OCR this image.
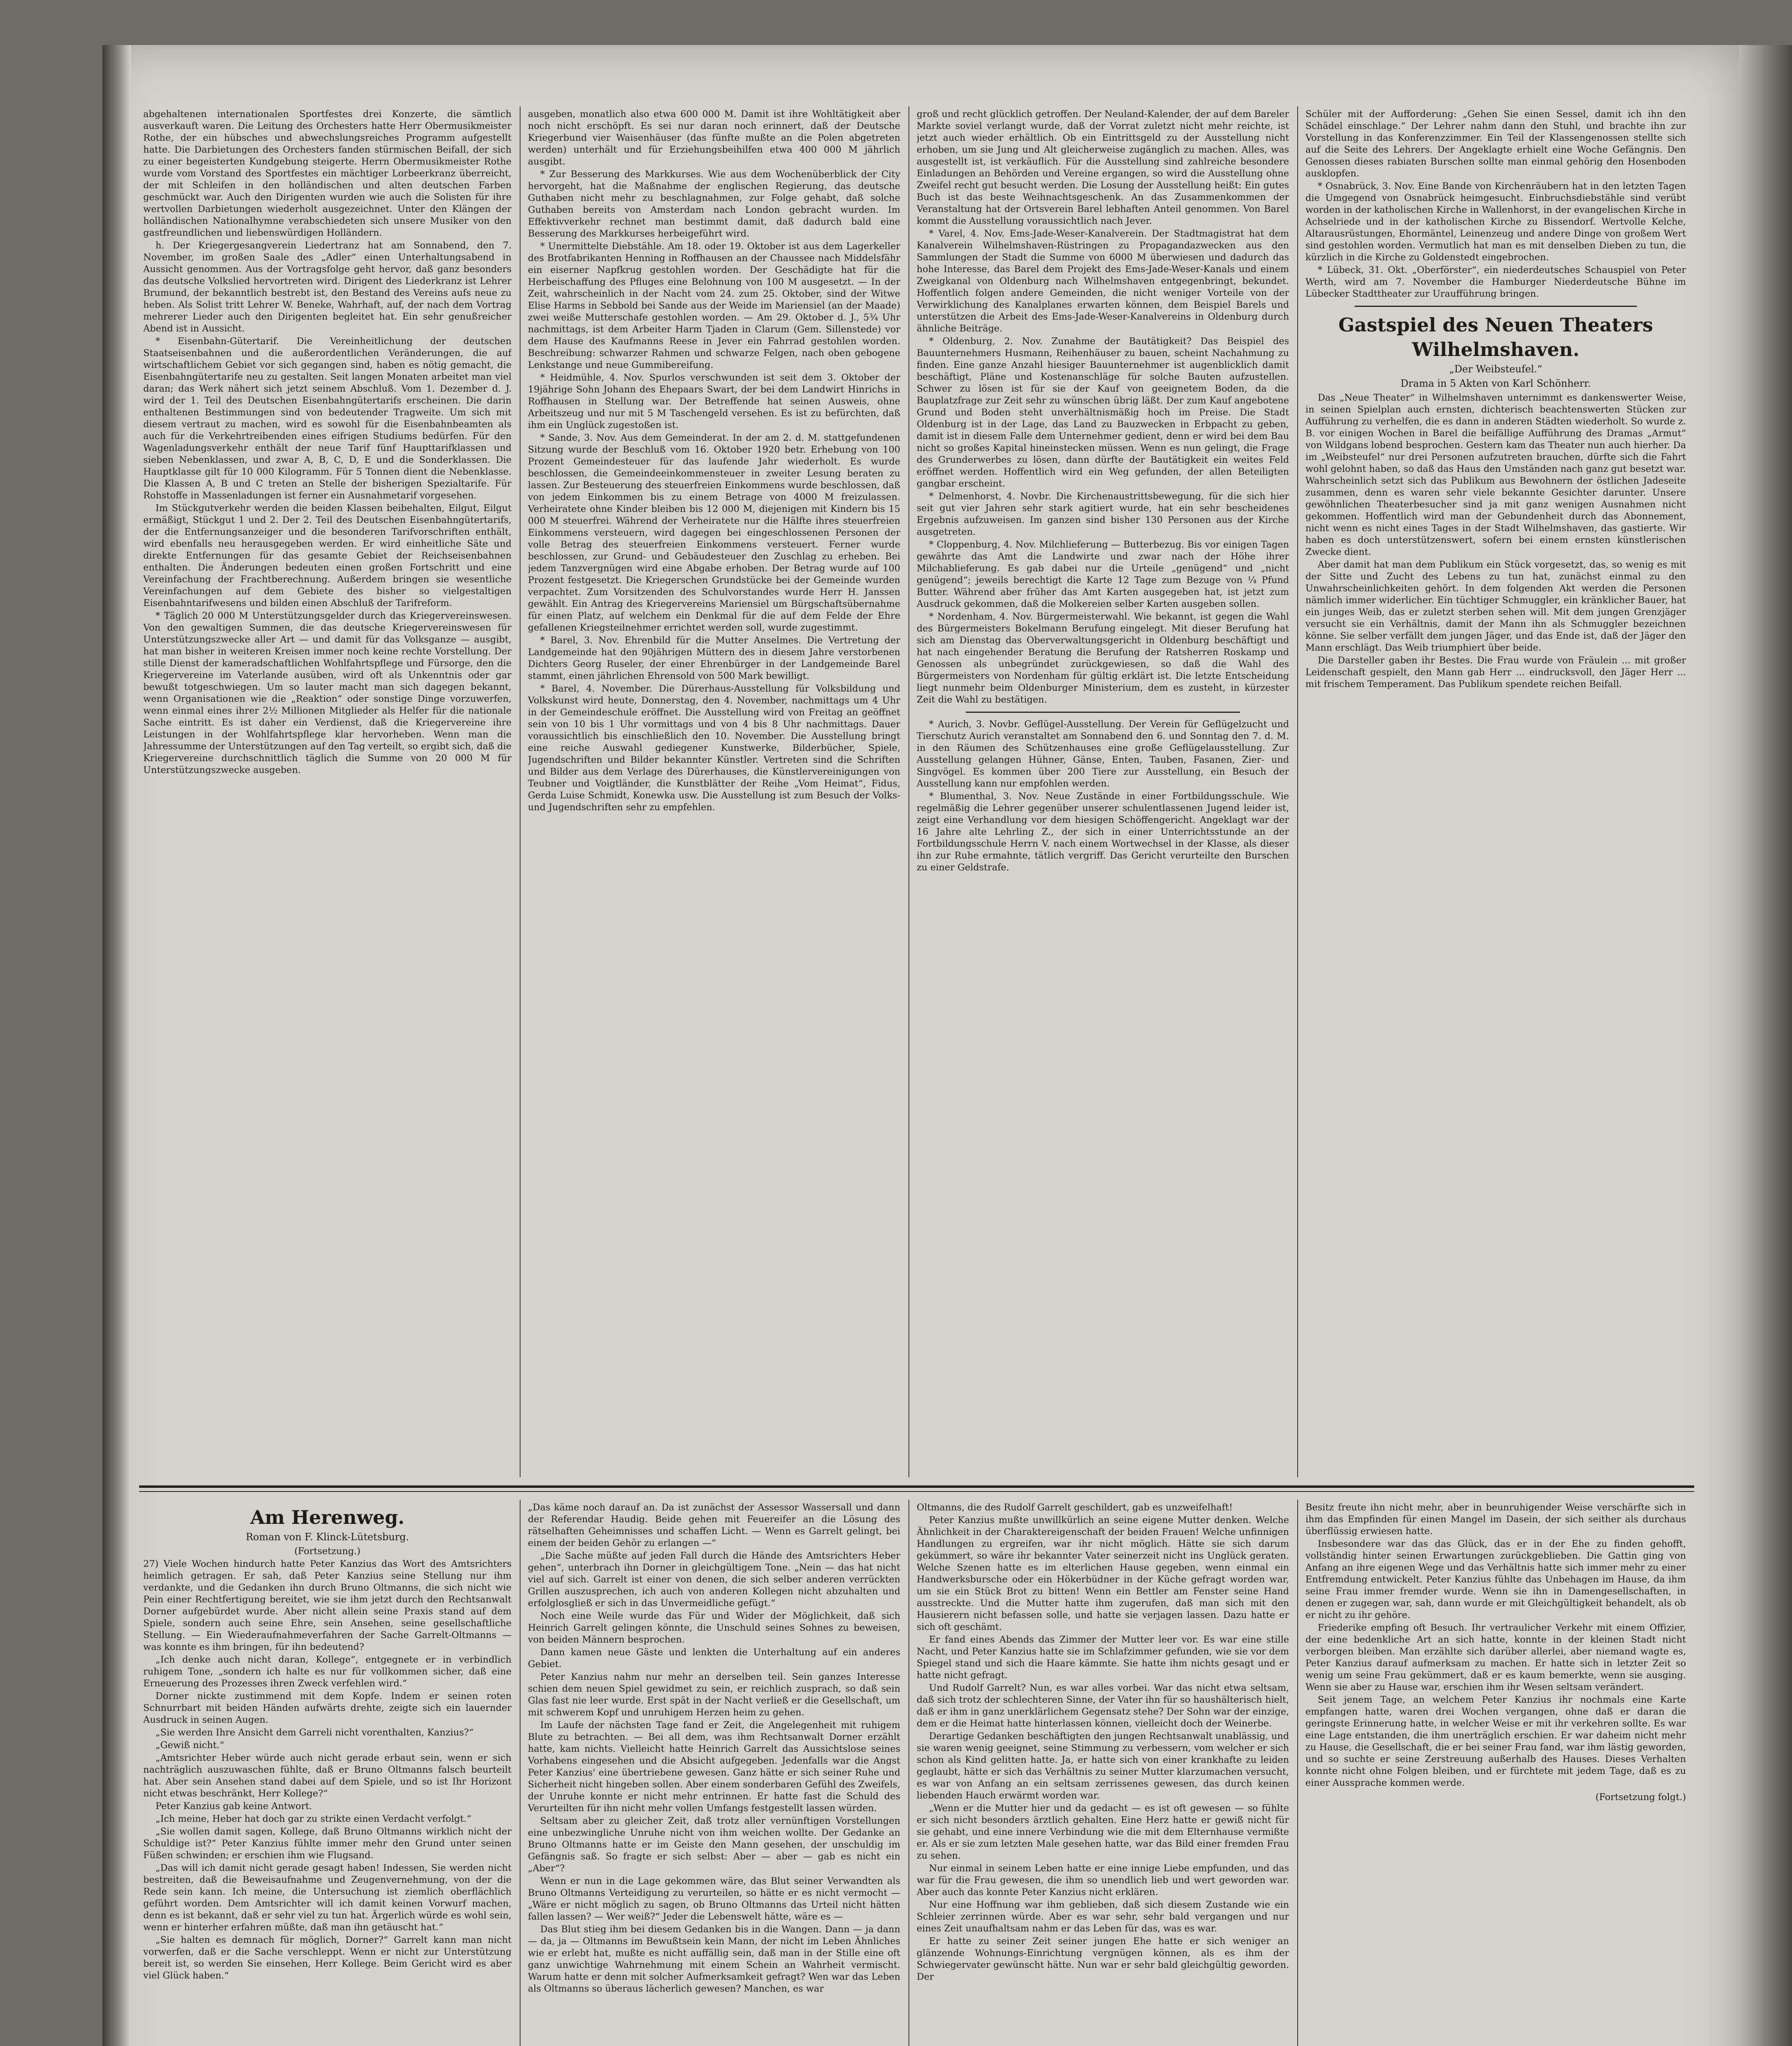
abgehaltenen internationalen Sportfestes drei Konzerte, die sämtlich ausverkauft waren. Die Leitung des Orchesters hatte Herr Obermusikmeister Rothe, der ein hübsches und abwechslungsreiches Programm aufgestellt hatte. Die Darbietungen des Orchesters fanden stürmischen Beifall, der sich zu einer begeisterten Kundgebung steigerte. Herrn Obermusikmeister Rothe wurde vom Vorstand des Sportfestes ein mächtiger Lorbeerkranz überreicht, der mit Schleifen in den holländischen und alten deutschen Farben geschmückt war. Auch den Dirigenten wurden wie auch die Solisten für ihre wertvollen Darbietungen wiederholt ausgezeichnet. Unter den Klängen der holländischen Nationalhymne verabschiedeten sich unsere Musiker von den gastfreundlichen und liebenswürdigen Holländern.

h. Der Kriegergesangverein Liedertranz hat am Sonnabend, den 7. November, im großen Saale des „Adler“ einen Unterhaltungsabend in Aussicht genommen. Aus der Vortragsfolge geht hervor, daß ganz besonders das deutsche Volkslied hervortreten wird. Dirigent des Liederkranz ist Lehrer Brumund, der bekanntlich bestrebt ist, den Bestand des Vereins aufs neue zu heben. Als Solist tritt Lehrer W. Beneke, Wahrhaft, auf, der nach dem Vortrag mehrerer Lieder auch den Dirigenten begleitet hat. Ein sehr genußreicher Abend ist in Aussicht.

* Eisenbahn-Gütertarif. Die Vereinheitlichung der deutschen Staatseisenbahnen und die außerordentlichen Veränderungen, die auf wirtschaftlichem Gebiet vor sich gegangen sind, haben es nötig gemacht, die Eisenbahngütertarife neu zu gestalten. Seit langen Monaten arbeitet man viel daran; das Werk nähert sich jetzt seinem Abschluß. Vom 1. Dezember d. J. wird der 1. Teil des Deutschen Eisenbahngütertarifs erscheinen. Die darin enthaltenen Bestimmungen sind von bedeutender Tragweite. Um sich mit diesem vertraut zu machen, wird es sowohl für die Eisenbahnbeamten als auch für die Verkehrtreibenden eines eifrigen Studiums bedürfen. Für den Wagenladungsverkehr enthält der neue Tarif fünf Haupttarifklassen und sieben Nebenklassen, und zwar A, B, C, D, E und die Sonderklassen. Die Hauptklasse gilt für 10 000 Kilogramm. Für 5 Tonnen dient die Nebenklasse. Die Klassen A, B und C treten an Stelle der bisherigen Spezialtarife. Für Rohstoffe in Massenladungen ist ferner ein Ausnahmetarif vorgesehen.

Im Stückgutverkehr werden die beiden Klassen beibehalten, Eilgut, Eilgut ermäßigt, Stückgut 1 und 2. Der 2. Teil des Deutschen Eisenbahngütertarifs, der die Entfernungsanzeiger und die besonderen Tarifvorschriften enthält, wird ebenfalls neu herausgegeben werden. Er wird einheitliche Säte und direkte Entfernungen für das gesamte Gebiet der Reichseisenbahnen enthalten. Die Änderungen bedeuten einen großen Fortschritt und eine Vereinfachung der Frachtberechnung. Außerdem bringen sie wesentliche Vereinfachungen auf dem Gebiete des bisher so vielgestaltigen Eisenbahntarifwesens und bilden einen Abschluß der Tarifreform.

* Täglich 20 000 M Unterstützungsgelder durch das Kriegervereinswesen. Von den gewaltigen Summen, die das deutsche Kriegervereinswesen für Unterstützungszwecke aller Art — und damit für das Volksganze — ausgibt, hat man bisher in weiteren Kreisen immer noch keine rechte Vorstellung. Der stille Dienst der kameradschaftlichen Wohlfahrtspflege und Fürsorge, den die Kriegervereine im Vaterlande ausüben, wird oft als Unkenntnis oder gar bewußt totgeschwiegen. Um so lauter macht man sich dagegen bekannt, wenn Organisationen wie die „Reaktion“ oder sonstige Dinge vorzuwerfen, wenn einmal eines ihrer 2½ Millionen Mitglieder als Helfer für die nationale Sache eintritt. Es ist daher ein Verdienst, daß die Kriegervereine ihre Leistungen in der Wohlfahrtspflege klar hervorheben. Wenn man die Jahressumme der Unterstützungen auf den Tag verteilt, so ergibt sich, daß die Kriegervereine durchschnittlich täglich die Summe von 20 000 M für Unterstützungszwecke ausgeben.

ausgeben, monatlich also etwa 600 000 M. Damit ist ihre Wohltätigkeit aber noch nicht erschöpft. Es sei nur daran noch erinnert, daß der Deutsche Kriegerbund vier Waisenhäuser (das fünfte mußte an die Polen abgetreten werden) unterhält und für Erziehungsbeihilfen etwa 400 000 M jährlich ausgibt.

* Zur Besserung des Markkurses. Wie aus dem Wochenüberblick der City hervorgeht, hat die Maßnahme der englischen Regierung, das deutsche Guthaben nicht mehr zu beschlagnahmen, zur Folge gehabt, daß solche Guthaben bereits von Amsterdam nach London gebracht wurden. Im Effektivverkehr rechnet man bestimmt damit, daß dadurch bald eine Besserung des Markkurses herbeigeführt wird.

* Unermittelte Diebstähle. Am 18. oder 19. Oktober ist aus dem Lagerkeller des Brotfabrikanten Henning in Roffhausen an der Chaussee nach Middelsfähr ein eiserner Napfkrug gestohlen worden. Der Geschädigte hat für die Herbeischaffung des Pfluges eine Belohnung von 100 M ausgesetzt. — In der Zeit, wahrscheinlich in der Nacht vom 24. zum 25. Oktober, sind der Witwe Elise Harms in Sebbold bei Sande aus der Weide im Mariensiel (an der Maade) zwei weiße Mutterschafe gestohlen worden. — Am 29. Oktober d. J., 5¾ Uhr nachmittags, ist dem Arbeiter Harm Tjaden in Clarum (Gem. Sillenstede) vor dem Hause des Kaufmanns Reese in Jever ein Fahrrad gestohlen worden. Beschreibung: schwarzer Rahmen und schwarze Felgen, nach oben gebogene Lenkstange und neue Gummibereifung.

* Heidmühle, 4. Nov. Spurlos verschwunden ist seit dem 3. Oktober der 19jährige Sohn Johann des Ehepaars Swart, der bei dem Landwirt Hinrichs in Roffhausen in Stellung war. Der Betreffende hat seinen Ausweis, ohne Arbeitszeug und nur mit 5 M Taschengeld versehen. Es ist zu befürchten, daß ihm ein Unglück zugestoßen ist.

* Sande, 3. Nov. Aus dem Gemeinderat. In der am 2. d. M. stattgefundenen Sitzung wurde der Beschluß vom 16. Oktober 1920 betr. Erhebung von 100 Prozent Gemeindesteuer für das laufende Jahr wiederholt. Es wurde beschlossen, die Gemeindeeinkommensteuer in zweiter Lesung beraten zu lassen. Zur Besteuerung des steuerfreien Einkommens wurde beschlossen, daß von jedem Einkommen bis zu einem Betrage von 4000 M freizulassen. Verheiratete ohne Kinder bleiben bis 12 000 M, diejenigen mit Kindern bis 15 000 M steuerfrei. Während der Verheiratete nur die Hälfte ihres steuerfreien Einkommens versteuern, wird dagegen bei eingeschlossenen Personen der volle Betrag des steuerfreien Einkommens versteuert. Ferner wurde beschlossen, zur Grund- und Gebäudesteuer den Zuschlag zu erheben. Bei jedem Tanzvergnügen wird eine Abgabe erhoben. Der Betrag wurde auf 100 Prozent festgesetzt. Die Kriegerschen Grundstücke bei der Gemeinde wurden verpachtet. Zum Vorsitzenden des Schulvorstandes wurde Herr H. Janssen gewählt. Ein Antrag des Kriegervereins Mariensiel um Bürgschaftsübernahme für einen Platz, auf welchem ein Denkmal für die auf dem Felde der Ehre gefallenen Kriegsteilnehmer errichtet werden soll, wurde zugestimmt.

* Barel, 3. Nov. Ehrenbild für die Mutter Anselmes. Die Vertretung der Landgemeinde hat den 90jährigen Müttern des in diesem Jahre verstorbenen Dichters Georg Ruseler, der einer Ehrenbürger in der Landgemeinde Barel stammt, einen jährlichen Ehrensold von 500 Mark bewilligt.

* Barel, 4. November. Die Dürerhaus-Ausstellung für Volksbildung und Volkskunst wird heute, Donnerstag, den 4. November, nachmittags um 4 Uhr in der Gemeindeschule eröffnet. Die Ausstellung wird von Freitag an geöffnet sein von 10 bis 1 Uhr vormittags und von 4 bis 8 Uhr nachmittags. Dauer voraussichtlich bis einschließlich den 10. November. Die Ausstellung bringt eine reiche Auswahl gediegener Kunstwerke, Bilderbücher, Spiele, Jugendschriften und Bilder bekannter Künstler. Vertreten sind die Schriften und Bilder aus dem Verlage des Dürerhauses, die Künstlervereinigungen von Teubner und Voigtländer, die Kunstblätter der Reihe „Vom Heimat“, Fidus, Gerda Luise Schmidt, Konewka usw. Die Ausstellung ist zum Besuch der Volks- und Jugendschriften sehr zu empfehlen.

groß und recht glücklich getroffen. Der Neuland-Kalender, der auf dem Bareler Markte soviel verlangt wurde, daß der Vorrat zuletzt nicht mehr reichte, ist jetzt auch wieder erhältlich. Ob ein Eintrittsgeld zu der Ausstellung nicht erhoben, um sie Jung und Alt gleicherweise zugänglich zu machen. Alles, was ausgestellt ist, ist verkäuflich. Für die Ausstellung sind zahlreiche besondere Einladungen an Behörden und Vereine ergangen, so wird die Ausstellung ohne Zweifel recht gut besucht werden. Die Losung der Ausstellung heißt: Ein gutes Buch ist das beste Weihnachtsgeschenk. An das Zusammenkommen der Veranstaltung hat der Ortsverein Barel lebhaften Anteil genommen. Von Barel kommt die Ausstellung voraussichtlich nach Jever.

* Varel, 4. Nov. Ems-Jade-Weser-Kanalverein. Der Stadtmagistrat hat dem Kanalverein Wilhelmshaven-Rüstringen zu Propagandazwecken aus den Sammlungen der Stadt die Summe von 6000 M überwiesen und dadurch das hohe Interesse, das Barel dem Projekt des Ems-Jade-Weser-Kanals und einem Zweigkanal von Oldenburg nach Wilhelmshaven entgegenbringt, bekundet. Hoffentlich folgen andere Gemeinden, die nicht weniger Vorteile von der Verwirklichung des Kanalplanes erwarten können, dem Beispiel Barels und unterstützen die Arbeit des Ems-Jade-Weser-Kanalvereins in Oldenburg durch ähnliche Beiträge.

* Oldenburg, 2. Nov. Zunahme der Bautätigkeit? Das Beispiel des Bauunternehmers Husmann, Reihenhäuser zu bauen, scheint Nachahmung zu finden. Eine ganze Anzahl hiesiger Bauunternehmer ist augenblicklich damit beschäftigt, Pläne und Kostenanschläge für solche Bauten aufzustellen. Schwer zu lösen ist für sie der Kauf von geeignetem Boden, da die Bauplatzfrage zur Zeit sehr zu wünschen übrig läßt. Der zum Kauf angebotene Grund und Boden steht unverhältnismäßig hoch im Preise. Die Stadt Oldenburg ist in der Lage, das Land zu Bauzwecken in Erbpacht zu geben, damit ist in diesem Falle dem Unternehmer gedient, denn er wird bei dem Bau nicht so großes Kapital hineinstecken müssen. Wenn es nun gelingt, die Frage des Grunderwerbes zu lösen, dann dürfte der Bautätigkeit ein weites Feld eröffnet werden. Hoffentlich wird ein Weg gefunden, der allen Beteiligten gangbar erscheint.

* Delmenhorst, 4. Novbr. Die Kirchenaustrittsbewegung, für die sich hier seit gut vier Jahren sehr stark agitiert wurde, hat ein sehr bescheidenes Ergebnis aufzuweisen. Im ganzen sind bisher 130 Personen aus der Kirche ausgetreten.

* Cloppenburg, 4. Nov. Milchlieferung — Butterbezug. Bis vor einigen Tagen gewährte das Amt die Landwirte und zwar nach der Höhe ihrer Milchablieferung. Es gab dabei nur die Urteile „genügend“ und „nicht genügend“; jeweils berechtigt die Karte 12 Tage zum Bezuge von ¼ Pfund Butter. Während aber früher das Amt Karten ausgegeben hat, ist jetzt zum Ausdruck gekommen, daß die Molkereien selber Karten ausgeben sollen.

* Nordenham, 4. Nov. Bürgermeisterwahl. Wie bekannt, ist gegen die Wahl des Bürgermeisters Bokelmann Berufung eingelegt. Mit dieser Berufung hat sich am Dienstag das Oberverwaltungsgericht in Oldenburg beschäftigt und hat nach eingehender Beratung die Berufung der Ratsherren Roskamp und Genossen als unbegründet zurückgewiesen, so daß die Wahl des Bürgermeisters von Nordenham für gültig erklärt ist. Die letzte Entscheidung liegt nunmehr beim Oldenburger Ministerium, dem es zusteht, in kürzester Zeit die Wahl zu bestätigen.

* Aurich, 3. Novbr. Geflügel-Ausstellung. Der Verein für Geflügelzucht und Tierschutz Aurich veranstaltet am Sonnabend den 6. und Sonntag den 7. d. M. in den Räumen des Schützenhauses eine große Geflügelausstellung. Zur Ausstellung gelangen Hühner, Gänse, Enten, Tauben, Fasanen, Zier- und Singvögel. Es kommen über 200 Tiere zur Ausstellung, ein Besuch der Ausstellung kann nur empfohlen werden.

* Blumenthal, 3. Nov. Neue Zustände in einer Fortbildungsschule. Wie regelmäßig die Lehrer gegenüber unserer schulentlassenen Jugend leider ist, zeigt eine Verhandlung vor dem hiesigen Schöffengericht. Angeklagt war der 16 Jahre alte Lehrling Z., der sich in einer Unterrichtsstunde an der Fortbildungsschule Herrn V. nach einem Wortwechsel in der Klasse, als dieser ihn zur Ruhe ermahnte, tätlich vergriff. Das Gericht verurteilte den Burschen zu einer Geldstrafe.

Schüler mit der Aufforderung: „Gehen Sie einen Sessel, damit ich ihn den Schädel einschlage.“ Der Lehrer nahm dann den Stuhl, und brachte ihn zur Vorstellung in das Konferenzzimmer. Ein Teil der Klassengenossen stellte sich auf die Seite des Lehrers. Der Angeklagte erhielt eine Woche Gefängnis. Den Genossen dieses rabiaten Burschen sollte man einmal gehörig den Hosenboden ausklopfen.

* Osnabrück, 3. Nov. Eine Bande von Kirchenräubern hat in den letzten Tagen die Umgegend von Osnabrück heimgesucht. Einbruchsdiebstähle sind verübt worden in der katholischen Kirche in Wallenhorst, in der evangelischen Kirche in Achselriede und in der katholischen Kirche zu Bissendorf. Wertvolle Kelche, Altarausrüstungen, Ehormäntel, Leinenzeug und andere Dinge von großem Wert sind gestohlen worden. Vermutlich hat man es mit denselben Dieben zu tun, die kürzlich in die Kirche zu Goldenstedt eingebrochen.

* Lübeck, 31. Okt. „Oberförster“, ein niederdeutsches Schauspiel von Peter Werth, wird am 7. November die Hamburger Niederdeutsche Bühne im Lübecker Stadttheater zur Uraufführung bringen.

Gastspiel des Neuen Theaters Wilhelmshaven.

„Der Weibsteufel.“

Drama in 5 Akten von Karl Schönherr.

Das „Neue Theater“ in Wilhelmshaven unternimmt es dankenswerter Weise, in seinen Spielplan auch ernsten, dichterisch beachtenswerten Stücken zur Aufführung zu verhelfen, die es dann in anderen Städten wiederholt. So wurde z. B. vor einigen Wochen in Barel die beifällige Aufführung des Dramas „Armut“ von Wildgans lobend besprochen. Gestern kam das Theater nun auch hierher. Da im „Weibsteufel“ nur drei Personen aufzutreten brauchen, dürfte sich die Fahrt wohl gelohnt haben, so daß das Haus den Umständen nach ganz gut besetzt war. Wahrscheinlich setzt sich das Publikum aus Bewohnern der östlichen Jadeseite zusammen, denn es waren sehr viele bekannte Gesichter darunter. Unsere gewöhnlichen Theaterbesucher sind ja mit ganz wenigen Ausnahmen nicht gekommen. Hoffentlich wird man der Gebundenheit durch das Abonnement, nicht wenn es nicht eines Tages in der Stadt Wilhelmshaven, das gastierte. Wir haben es doch unterstützenswert, sofern bei einem ernsten künstlerischen Zwecke dient.

Aber damit hat man dem Publikum ein Stück vorgesetzt, das, so wenig es mit der Sitte und Zucht des Lebens zu tun hat, zunächst einmal zu den Unwahrscheinlichkeiten gehört. In dem folgenden Akt werden die Personen nämlich immer widerlicher. Ein tüchtiger Schmuggler, ein kränklicher Bauer, hat ein junges Weib, das er zuletzt sterben sehen will. Mit dem jungen Grenzjäger versucht sie ein Verhältnis, damit der Mann ihn als Schmuggler bezeichnen könne. Sie selber verfällt dem jungen Jäger, und das Ende ist, daß der Jäger den Mann erschlägt. Das Weib triumphiert über beide.

Die Darsteller gaben ihr Bestes. Die Frau wurde von Fräulein ... mit großer Leidenschaft gespielt, den Mann gab Herr ... eindrucksvoll, den Jäger Herr ... mit frischem Temperament. Das Publikum spendete reichen Beifall.

Am Herenweg.

Roman von F. Klinck-Lütetsburg.

(Fortsetzung.)

27) Viele Wochen hindurch hatte Peter Kanzius das Wort des Amtsrichters heimlich getragen. Er sah, daß Peter Kanzius seine Stellung nur ihm verdankte, und die Gedanken ihn durch Bruno Oltmanns, die sich nicht wie Pein einer Rechtfertigung bereitet, wie sie ihm jetzt durch den Rechtsanwalt Dorner aufgebürdet wurde. Aber nicht allein seine Praxis stand auf dem Spiele, sondern auch seine Ehre, sein Ansehen, seine gesellschaftliche Stellung. — Ein Wiederaufnahmeverfahren der Sache Garrelt-Oltmanns — was konnte es ihm bringen, für ihn bedeutend?

„Ich denke auch nicht daran, Kollege“, entgegnete er in verbindlich ruhigem Tone, „sondern ich halte es nur für vollkommen sicher, daß eine Erneuerung des Prozesses ihren Zweck verfehlen wird.“

Dorner nickte zustimmend mit dem Kopfe. Indem er seinen roten Schnurrbart mit beiden Händen aufwärts drehte, zeigte sich ein lauernder Ausdruck in seinen Augen.

„Sie werden Ihre Ansicht dem Garreli nicht vorenthalten, Kanzius?“

„Gewiß nicht.“

„Amtsrichter Heber würde auch nicht gerade erbaut sein, wenn er sich nachträglich auszuwaschen fühlte, daß er Bruno Oltmanns falsch beurteilt hat. Aber sein Ansehen stand dabei auf dem Spiele, und so ist Ihr Horizont nicht etwas beschränkt, Herr Kollege?“

Peter Kanzius gab keine Antwort.

„Ich meine, Heber hat doch gar zu strikte einen Verdacht verfolgt.“

„Sie wollen damit sagen, Kollege, daß Bruno Oltmanns wirklich nicht der Schuldige ist?“ Peter Kanzius fühlte immer mehr den Grund unter seinen Füßen schwinden; er erschien ihm wie Flugsand.

„Das will ich damit nicht gerade gesagt haben! Indessen, Sie werden nicht bestreiten, daß die Beweisaufnahme und Zeugenvernehmung, von der die Rede sein kann. Ich meine, die Untersuchung ist ziemlich oberflächlich geführt worden. Dem Amtsrichter will ich damit keinen Vorwurf machen, denn es ist bekannt, daß er sehr viel zu tun hat. Ärgerlich würde es wohl sein, wenn er hinterher erfahren müßte, daß man ihn getäuscht hat.“

„Sie halten es demnach für möglich, Dorner?“ Garrelt kann man nicht vorwerfen, daß er die Sache verschleppt. Wenn er nicht zur Unterstützung bereit ist, so werden Sie einsehen, Herr Kollege. Beim Gericht wird es aber viel Glück haben.“

„Das käme noch darauf an. Da ist zunächst der Assessor Wassersall und dann der Referendar Haudig. Beide gehen mit Feuereifer an die Lösung des rätselhaften Geheimnisses und schaffen Licht. — Wenn es Garrelt gelingt, bei einem der beiden Gehör zu erlangen —“

„Die Sache müßte auf jeden Fall durch die Hände des Amtsrichters Heber gehen“, unterbrach ihn Dorner in gleichgültigem Tone. „Nein — das hat nicht viel auf sich. Garrelt ist einer von denen, die sich selber anderen verrückten Grillen auszusprechen, ich auch von anderen Kollegen nicht abzuhalten und erfolglosgließ er sich in das Unvermeidliche gefügt.“

Noch eine Weile wurde das Für und Wider der Möglichkeit, daß sich Heinrich Garrelt gelingen könnte, die Unschuld seines Sohnes zu beweisen, von beiden Männern besprochen.

Dann kamen neue Gäste und lenkten die Unterhaltung auf ein anderes Gebiet.

Peter Kanzius nahm nur mehr an derselben teil. Sein ganzes Interesse schien dem neuen Spiel gewidmet zu sein, er reichlich zusprach, so daß sein Glas fast nie leer wurde. Erst spät in der Nacht verließ er die Gesellschaft, um mit schwerem Kopf und unruhigem Herzen heim zu gehen.

Im Laufe der nächsten Tage fand er Zeit, die Angelegenheit mit ruhigem Blute zu betrachten. — Bei all dem, was ihm Rechtsanwalt Dorner erzählt hatte, kam nichts. Vielleicht hatte Heinrich Garrelt das Aussichtslose seines Vorhabens eingesehen und die Absicht aufgegeben. Jedenfalls war die Angst Peter Kanzius' eine übertriebene gewesen. Ganz hätte er sich seiner Ruhe und Sicherheit nicht hingeben sollen. Aber einem sonderbaren Gefühl des Zweifels, der Unruhe konnte er nicht mehr entrinnen. Er hatte fast die Schuld des Verurteilten für ihn nicht mehr vollen Umfangs festgestellt lassen würden.

Seltsam aber zu gleicher Zeit, daß trotz aller vernünftigen Vorstellungen eine unbezwingliche Unruhe nicht von ihm weichen wollte. Der Gedanke an Bruno Oltmanns hatte er im Geiste den Mann gesehen, der unschuldig im Gefängnis saß. So fragte er sich selbst: Aber — aber — gab es nicht ein „Aber“?

Wenn er nun in die Lage gekommen wäre, das Blut seiner Verwandten als Bruno Oltmanns Verteidigung zu verurteilen, so hätte er es nicht vermocht — „Wäre er nicht möglich zu sagen, ob Bruno Oltmanns das Urteil nicht hätten fallen lassen? — Wer weiß?“ Jeder die Lebenswelt hätte, wäre es —

Das Blut stieg ihm bei diesem Gedanken bis in die Wangen. Dann — ja dann — da, ja — Oltmanns im Bewußtsein kein Mann, der nicht im Leben Ähnliches wie er erlebt hat, mußte es nicht auffällig sein, daß man in der Stille eine oft ganz unwichtige Wahrnehmung mit einem Schein an Wahrheit vermischt. Warum hatte er denn mit solcher Aufmerksamkeit gefragt? Wen war das Leben als Oltmanns so überaus lächerlich gewesen? Manchen, es war

Oltmanns, die des Rudolf Garrelt geschildert, gab es unzweifelhaft!

Peter Kanzius mußte unwillkürlich an seine eigene Mutter denken. Welche Ähnlichkeit in der Charaktereigenschaft der beiden Frauen! Welche unfinnigen Handlungen zu ergreifen, war ihr nicht möglich. Hätte sie sich darum gekümmert, so wäre ihr bekannter Vater seinerzeit nicht ins Unglück geraten. Welche Szenen hatte es im elterlichen Hause gegeben, wenn einmal ein Handwerksbursche oder ein Hökerbüdner in der Küche gefragt worden war, um sie ein Stück Brot zu bitten! Wenn ein Bettler am Fenster seine Hand ausstreckte. Und die Mutter hatte ihm zugerufen, daß man sich mit den Hausierern nicht befassen solle, und hatte sie verjagen lassen. Dazu hatte er sich oft geschämt.

Er fand eines Abends das Zimmer der Mutter leer vor. Es war eine stille Nacht, und Peter Kanzius hatte sie im Schlafzimmer gefunden, wie sie vor dem Spiegel stand und sich die Haare kämmte. Sie hatte ihm nichts gesagt und er hatte nicht gefragt.

Und Rudolf Garrelt? Nun, es war alles vorbei. War das nicht etwa seltsam, daß sich trotz der schlechteren Sinne, der Vater ihn für so haushälterisch hielt, daß er ihm in ganz unerklärlichem Gegensatz stehe? Der Sohn war der einzige, dem er die Heimat hatte hinterlassen können, vielleicht doch der Weinerbe.

Derartige Gedanken beschäftigten den jungen Rechtsanwalt unablässig, und sie waren wenig geeignet, seine Stimmung zu verbessern, vom welcher er sich schon als Kind gelitten hatte. Ja, er hatte sich von einer krankhafte zu leiden geglaubt, hätte er sich das Verhältnis zu seiner Mutter klarzumachen versucht, es war von Anfang an ein seltsam zerrissenes gewesen, das durch keinen liebenden Hauch erwärmt worden war.

„Wenn er die Mutter hier und da gedacht — es ist oft gewesen — so fühlte er sich nicht besonders ärztlich gehalten. Eine Herz hatte er gewiß nicht für sie gehabt, und eine innere Verbindung wie die mit dem Elternhause vermißte er. Als er sie zum letzten Male gesehen hatte, war das Bild einer fremden Frau zu sehen.

Nur einmal in seinem Leben hatte er eine innige Liebe empfunden, und das war für die Frau gewesen, die ihm so unendlich lieb und wert geworden war. Aber auch das konnte Peter Kanzius nicht erklären.

Nur eine Hoffnung war ihm geblieben, daß sich diesem Zustande wie ein Schleier zerrinnen würde. Aber es war sehr, sehr bald vergangen und nur eines Zeit unaufhaltsam nahm er das Leben für das, was es war.

Er hatte zu seiner Zeit seiner jungen Ehe hatte er sich weniger an glänzende Wohnungs-Einrichtung vergnügen können, als es ihm der Schwiegervater gewünscht hätte. Nun war er sehr bald gleichgültig geworden. Der

Besitz freute ihn nicht mehr, aber in beunruhigender Weise verschärfte sich in ihm das Empfinden für einen Mangel im Dasein, der sich seither als durchaus überflüssig erwiesen hatte.

Insbesondere war das das Glück, das er in der Ehe zu finden gehofft, vollständig hinter seinen Erwartungen zurückgeblieben. Die Gattin ging von Anfang an ihre eigenen Wege und das Verhältnis hatte sich immer mehr zu einer Entfremdung entwickelt. Peter Kanzius fühlte das Unbehagen im Hause, da ihm seine Frau immer fremder wurde. Wenn sie ihn in Damengesellschaften, in denen er zugegen war, sah, dann wurde er mit Gleichgültigkeit behandelt, als ob er nicht zu ihr gehöre.

Friederike empfing oft Besuch. Ihr vertraulicher Verkehr mit einem Offizier, der eine bedenkliche Art an sich hatte, konnte in der kleinen Stadt nicht verborgen bleiben. Man erzählte sich darüber allerlei, aber niemand wagte es, Peter Kanzius darauf aufmerksam zu machen. Er hatte sich in letzter Zeit so wenig um seine Frau gekümmert, daß er es kaum bemerkte, wenn sie ausging. Wenn sie aber zu Hause war, erschien ihm ihr Wesen seltsam verändert.

Seit jenem Tage, an welchem Peter Kanzius ihr nochmals eine Karte empfangen hatte, waren drei Wochen vergangen, ohne daß er daran die geringste Erinnerung hatte, in welcher Weise er mit ihr verkehren sollte. Es war eine Lage entstanden, die ihm unerträglich erschien. Er war daheim nicht mehr zu Hause, die Gesellschaft, die er bei seiner Frau fand, war ihm lästig geworden, und so suchte er seine Zerstreuung außerhalb des Hauses. Dieses Verhalten konnte nicht ohne Folgen bleiben, und er fürchtete mit jedem Tage, daß es zu einer Aussprache kommen werde.

(Fortsetzung folgt.)
